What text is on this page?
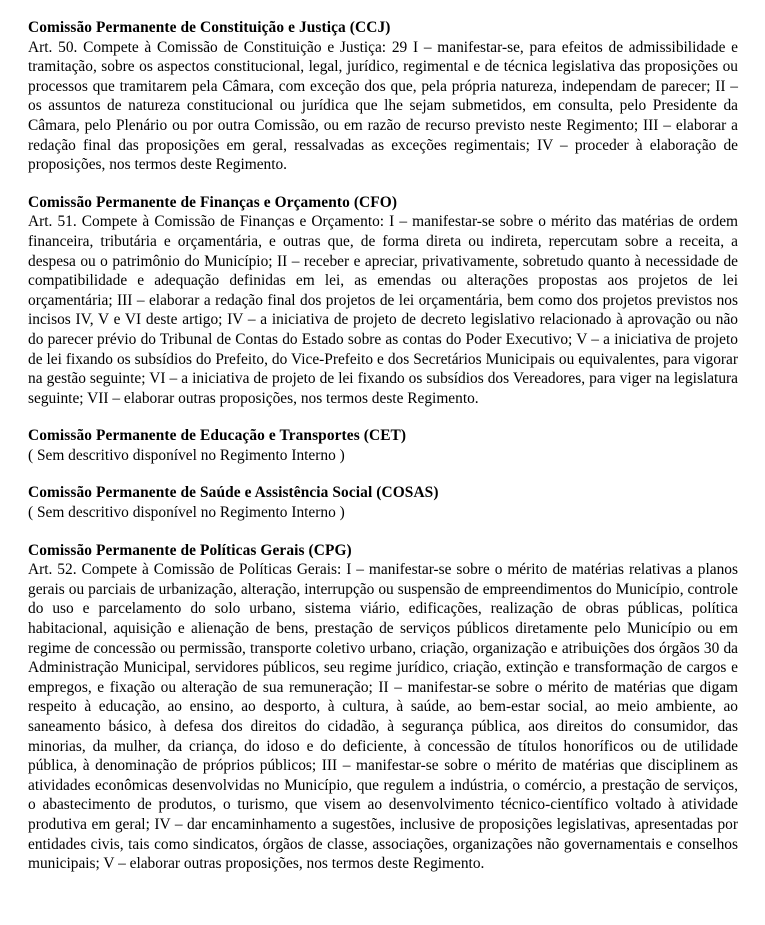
Comissão Permanente de Constituição e Justiça (CCJ)

Art. 50. Compete à Comissão de Constituição e Justiça: 29 I – manifestar-se, para efeitos de admissibilidade e tramitação, sobre os aspectos constitucional, legal, jurídico, regimental e de técnica legislativa das proposições ou processos que tramitarem pela Câmara, com exceção dos que, pela própria natureza, independam de parecer; II – os assuntos de natureza constitucional ou jurídica que lhe sejam submetidos, em consulta, pelo Presidente da Câmara, pelo Plenário ou por outra Comissão, ou em razão de recurso previsto neste Regimento; III – elaborar a redação final das proposições em geral, ressalvadas as exceções regimentais; IV – proceder à elaboração de proposições, nos termos deste Regimento.

Comissão Permanente de Finanças e Orçamento (CFO)

Art. 51. Compete à Comissão de Finanças e Orçamento: I – manifestar-se sobre o mérito das matérias de ordem financeira, tributária e orçamentária, e outras que, de forma direta ou indireta, repercutam sobre a receita, a despesa ou o patrimônio do Município; II – receber e apreciar, privativamente, sobretudo quanto à necessidade de compatibilidade e adequação definidas em lei, as emendas ou alterações propostas aos projetos de lei orçamentária; III – elaborar a redação final dos projetos de lei orçamentária, bem como dos projetos previstos nos incisos IV, V e VI deste artigo; IV – a iniciativa de projeto de decreto legislativo relacionado à aprovação ou não do parecer prévio do Tribunal de Contas do Estado sobre as contas do Poder Executivo; V – a iniciativa de projeto de lei fixando os subsídios do Prefeito, do Vice-Prefeito e dos Secretários Municipais ou equivalentes, para vigorar na gestão seguinte; VI – a iniciativa de projeto de lei fixando os subsídios dos Vereadores, para viger na legislatura seguinte; VII – elaborar outras proposições, nos termos deste Regimento.

Comissão Permanente de Educação e Transportes (CET)

( Sem descritivo disponível no Regimento Interno )

Comissão Permanente de Saúde e Assistência Social (COSAS)

( Sem descritivo disponível no Regimento Interno )

Comissão Permanente de Políticas Gerais (CPG)

Art. 52. Compete à Comissão de Políticas Gerais: I – manifestar-se sobre o mérito de matérias relativas a planos gerais ou parciais de urbanização, alteração, interrupção ou suspensão de empreendimentos do Município, controle do uso e parcelamento do solo urbano, sistema viário, edificações, realização de obras públicas, política habitacional, aquisição e alienação de bens, prestação de serviços públicos diretamente pelo Município ou em regime de concessão ou permissão, transporte coletivo urbano, criação, organização e atribuições dos órgãos 30 da Administração Municipal, servidores públicos, seu regime jurídico, criação, extinção e transformação de cargos e empregos, e fixação ou alteração de sua remuneração; II – manifestar-se sobre o mérito de matérias que digam respeito à educação, ao ensino, ao desporto, à cultura, à saúde, ao bem-estar social, ao meio ambiente, ao saneamento básico, à defesa dos direitos do cidadão, à segurança pública, aos direitos do consumidor, das minorias, da mulher, da criança, do idoso e do deficiente, à concessão de títulos honoríficos ou de utilidade pública, à denominação de próprios públicos; III – manifestar-se sobre o mérito de matérias que disciplinem as atividades econômicas desenvolvidas no Município, que regulem a indústria, o comércio, a prestação de serviços, o abastecimento de produtos, o turismo, que visem ao desenvolvimento técnico-científico voltado à atividade produtiva em geral; IV – dar encaminhamento a sugestões, inclusive de proposições legislativas, apresentadas por entidades civis, tais como sindicatos, órgãos de classe, associações, organizações não governamentais e conselhos municipais; V – elaborar outras proposições, nos termos deste Regimento.
